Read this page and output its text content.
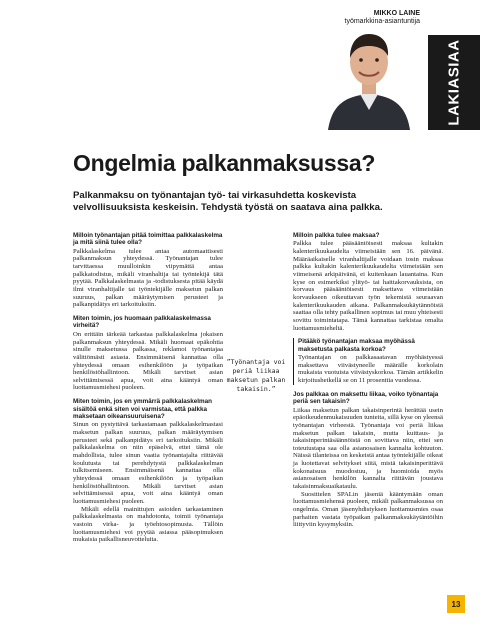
MIKKO LAINE
työmarkkina-asiantuntija
LAKIASIAA
Ongelmia palkanmaksussa?

Palkanmaksu on työnantajan työ- tai virkasuhdetta koskevista velvollisuuksista keskeisin. Tehdystä työstä on saatava aina palkka.

Milloin työnantajan pitää toimittaa palkkalaskelma ja mitä siinä tulee olla?

Palkkalaskelma tulee antaa automaattisesti palkanmaksun yhteydessä. Työnantajan tulee tarvittaessa muulloinkin viipymättä antaa palkkatodistus, mikäli viranhaltija tai työntekijä tätä pyytää. Palkkalaskelmasta ja -todistuksesta pitää käydä ilmi viranhaltijalle tai työntekijälle maksetun palkan suuruus, palkan määräytymisen perusteet ja palkanpidätys eri tarkoituksiin.

Miten toimin, jos huomaan palkkalaskelmassa virheitä?

On erittäin tärkeää tarkastaa palkkalaskelma jokaisen palkanmaksun yhteydessä. Mikäli huomaat epäkohtia sinulle maksetussa palkassa, reklamoi työnantajaa välittömästi asiasta. Ensimmäisenä kannattaa olla yhteydessä omaan esihenkilöön ja työpaikan henkilöstöhallintoon. Mikäli tarvitset asian selvittämisessä apua, voit aina kääntyä oman luottamusmiehesi puoleen.

Miten toimin, jos en ymmärrä palkkalaskelman sisältöä enkä siten voi varmistaa, että palkka maksetaan oikeansuuruisena?

Sinun on pystyttävä tarkastamaan palkkalaskelmastasi maksetun palkan suuruus, palkan määräytymisen perusteet sekä palkanpidätys eri tarkoituksiin. Mikäli palkkalaskelma on niin epäselvä, ettei tämä ole mahdollista, tulee sinun vaatia työnantajalta riittävää koulutusta tai perehdytystä palkkalaskelman tulkitsemiseen. Ensimmäisenä kannattaa olla yhteydessä omaan esihenkilöön ja työpaikan henkilöstöhallintoon. Mikäli tarvitset asian selvittämisessä apua, voit aina kääntyä oman luottamusmiehesi puoleen.

Mikäli edellä mainittujen asioiden tarkastaminen palkkalaskelmasta on mahdotonta, toimii työnantaja vastoin virka- ja työehtosopimusta. Tällöin luottamusmiehesi voi pyytää asiassa pääsopimuksen mukaisia paikallisneuvotteluita.

”Työnantaja voi periä liikaa maksetun palkan takaisin.”

Milloin palkka tulee maksaa?

Palkka tulee pääsääntöisesti maksaa kultakin kalenterikuukaudelta viimeistään sen 16. päivänä. Määräaikaiselle viranhaltijalle voidaan tosin maksaa palkka kultakin kalenterikuukaudelta viimeistään sen viimeisenä arkipäivänä, ei kuitenkaan lauantaina. Kun kyse on esimerkiksi ylityö- tai haittakorvauksista, on korvaus pääsääntöisesti maksettava viimeistään korvaukseen oikeuttavan työn tekemistä seuraavan kalenterikuukauden aikana. Palkanmaksukäytännöistä saattaa olla tehty paikallinen sopimus tai muu yhteisesti sovittu toimintatapa. Tämä kannattaa tarkistaa omalta luottamusmieheltä.

Pitääkö työnantajan maksaa myöhässä maksetusta palkasta korkoa?

Työnantajan on palkkasaatavan myöhästyessä maksettava viivästyneelle määrälle korkolain mukaista vuotuista viivästyskorkoa. Tämän artikkelin kirjoitushetkellä se on 11 prosenttia vuodessa.

Jos palkkaa on maksettu liikaa, voiko työnantaja periä sen takaisin?

Liikaa maksetun palkan takaisinperintä herättää usein epäoikeudenmukaisuuden tunteita, sillä kyse on yleensä työnantajan virheestä. Työnantaja voi periä liikaa maksetun palkan takaisin, mutta kuittaus- ja takaisinperintäsäännöistä on sovittava niin, ettei sen toteutustapa saa olla asianosaisen kannalta kohtuuton. Näissä tilanteissa on keskeistä antaa työntekijälle oikeat ja luotettavat selvitykset siitä, mistä takaisinperittävä kokonaisuus muodostuu, ja huomioida myös asianosaisen henkilön kannalta riittävän joustava takaisinmaksuaikataulu.

Suosittelen SPALin jäseniä kääntymään oman luottamusmiehensä puoleen, mikäli palkanmaksussa on ongelmia. Oman jäsenyhdistyksen luottamusmies osaa parhaiten vastata työpaikan palkanmaksukäytäntöihin liittyviin kysymyksiin.

13
